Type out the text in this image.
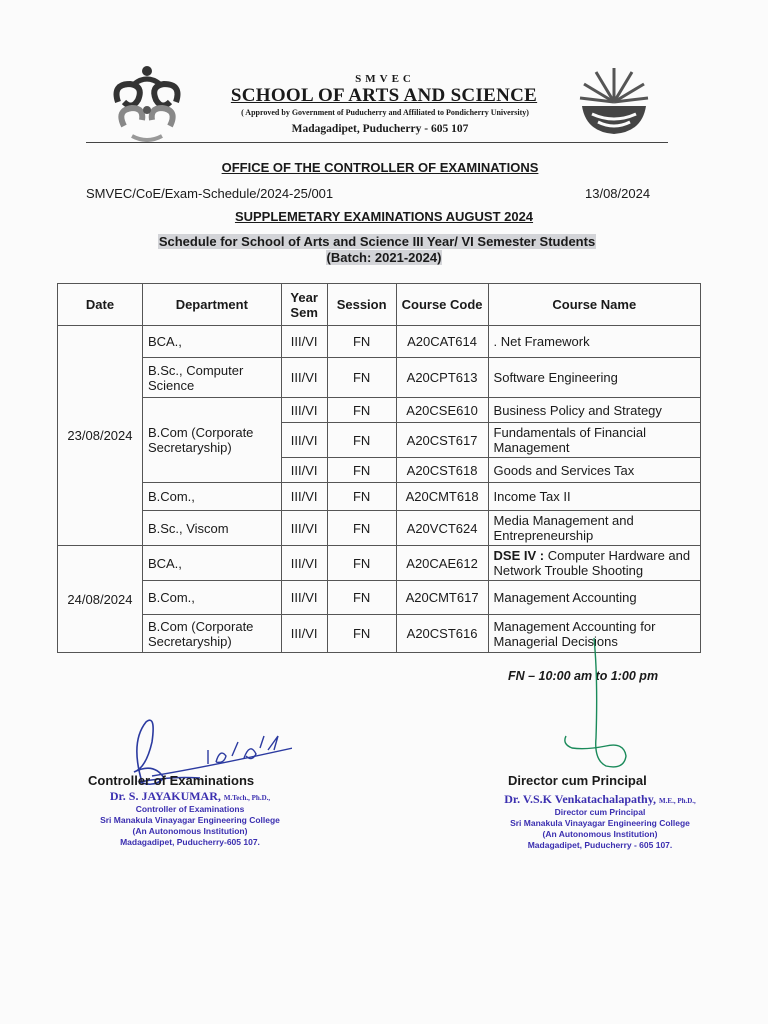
SMVEC
SCHOOL OF ARTS AND SCIENCE
( Approved by Government of Puducherry and Affiliated to Pondicherry University)
Madagadipet, Puducherry - 605 107
OFFICE OF THE CONTROLLER OF EXAMINATIONS
SMVEC/CoE/Exam-Schedule/2024-25/001	13/08/2024
SUPPLEMETARY EXAMINATIONS AUGUST 2024
Schedule for School of Arts and Science III Year/ VI Semester Students
(Batch: 2021-2024)
Date	Department	Year Sem	Session	Course Code	Course Name
23/08/2024	BCA.,	III/VI	FN	A20CAT614	. Net Framework
	B.Sc., Computer Science	III/VI	FN	A20CPT613	Software Engineering
	B.Com (Corporate Secretaryship)	III/VI	FN	A20CSE610	Business Policy and Strategy
		III/VI	FN	A20CST617	Fundamentals of Financial Management
		III/VI	FN	A20CST618	Goods and Services Tax
	B.Com.,	III/VI	FN	A20CMT618	Income Tax II
	B.Sc., Viscom	III/VI	FN	A20VCT624	Media Management and Entrepreneurship
24/08/2024	BCA.,	III/VI	FN	A20CAE612	DSE IV : Computer Hardware and Network Trouble Shooting
	B.Com.,	III/VI	FN	A20CMT617	Management Accounting
	B.Com (Corporate Secretaryship)	III/VI	FN	A20CST616	Management Accounting for Managerial Decisions
FN – 10:00 am to 1:00 pm
Controller of Examinations	Director cum Principal
Dr. S. JAYAKUMAR, M.Tech., Ph.D.,
Controller of Examinations
Sri Manakula Vinayagar Engineering College
(An Autonomous Institution)
Madagadipet, Puducherry-605 107.
Dr. V.S.K Venkatachalapathy, M.E., Ph.D.,
Director cum Principal
Sri Manakula Vinayagar Engineering College
(An Autonomous Institution)
Madagadipet, Puducherry - 605 107.
